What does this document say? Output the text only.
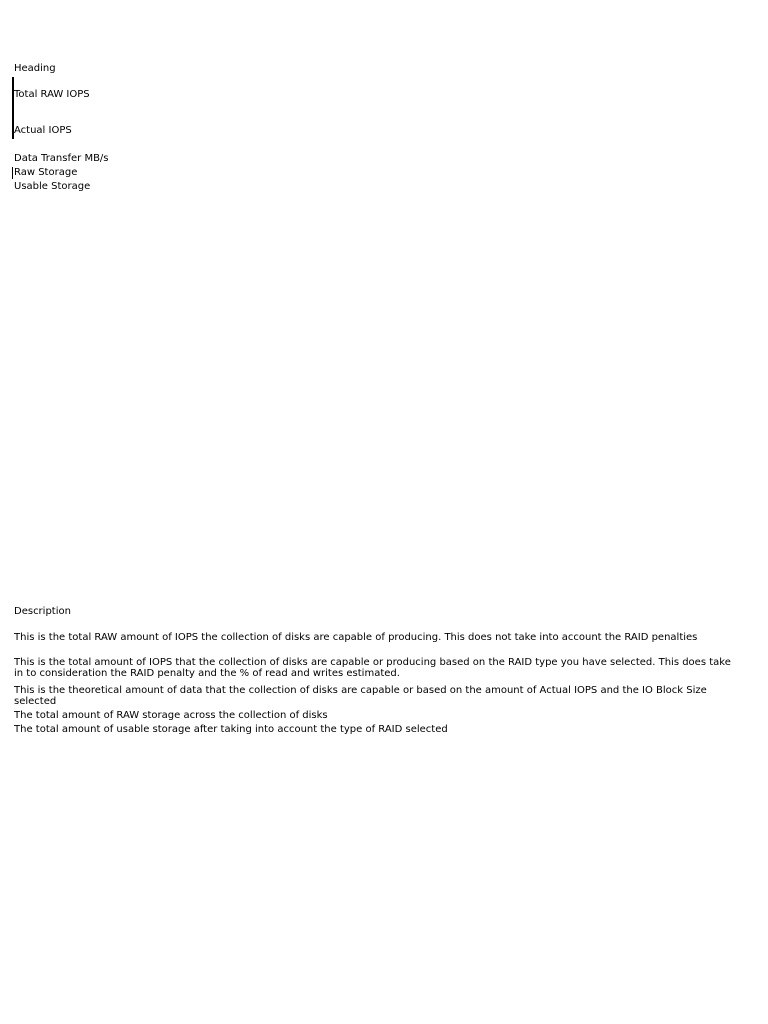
Heading
Total RAW IOPS
Actual IOPS
Data Transfer MB/s
Raw Storage
Usable Storage
Description
This is the total RAW amount of IOPS the collection of disks are capable of producing. This does not take into account the RAID penalties
This is the total amount of IOPS that the collection of disks are capable or producing based on the RAID type you have selected. This does take in to consideration the RAID penalty and the % of read and writes estimated.
This is the theoretical amount of data that the collection of disks are capable or based on the amount of Actual IOPS and the IO Block Size selected
The total amount of RAW storage across the collection of disks
The total amount of usable storage after taking into account the type of RAID selected
